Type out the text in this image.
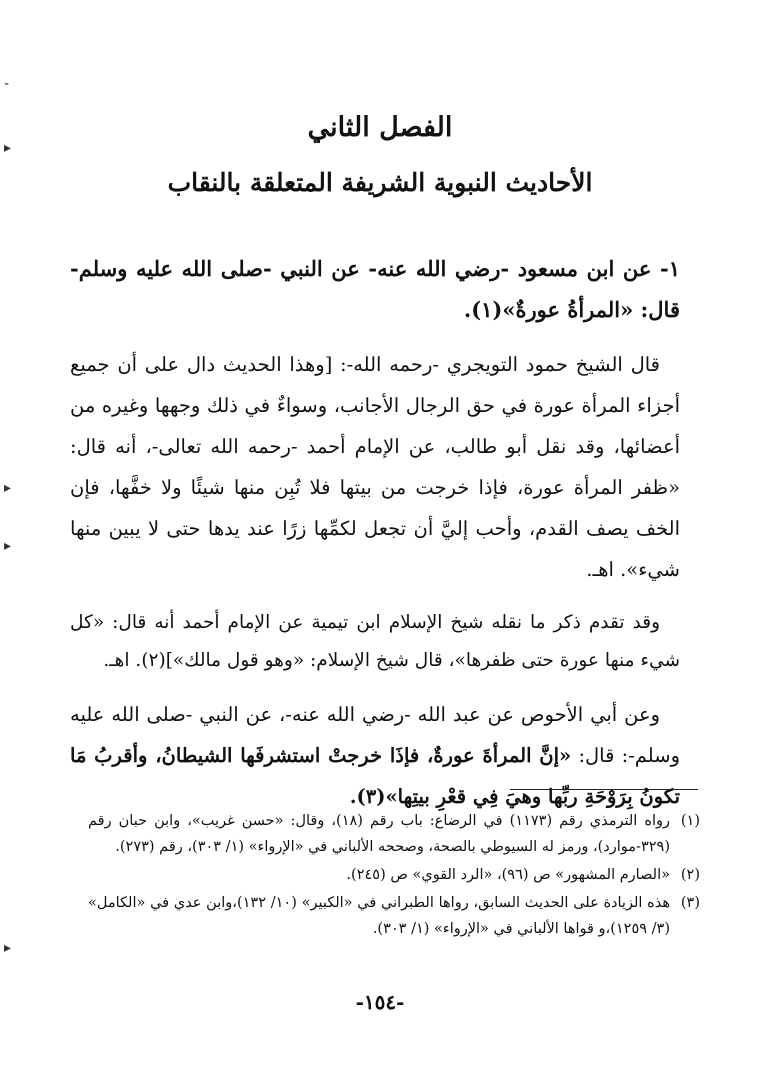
الفصل الثاني
الأحاديث النبوية الشريفة المتعلقة بالنقاب

١- عن ابن مسعود -رضي الله عنه- عن النبي -صلى الله عليه وسلم- قال: «المرأةُ عورةٌ»(١).

قال الشيخ حمود التويجري -رحمه الله-: [وهذا الحديث دال على أن جميع أجزاء المرأة عورة في حق الرجال الأجانب، وسواءٌ في ذلك وجهها وغيره من أعضائها، وقد نقل أبو طالب، عن الإمام أحمد -رحمه الله تعالى-، أنه قال: «ظفر المرأة عورة، فإذا خرجت من بيتها فلا تُبِن منها شيئًا ولا خفَّها، فإن الخف يصف القدم، وأحب إليَّ أن تجعل لكمِّها زرًا عند يدها حتى لا يبين منها شيء». اهـ.

وقد تقدم ذكر ما نقله شيخ الإسلام ابن تيمية عن الإمام أحمد أنه قال: «كل شيء منها عورة حتى ظفرها»، قال شيخ الإسلام: «وهو قول مالك»](٢). اهـ.

وعن أبي الأحوص عن عبد الله -رضي الله عنه-، عن النبي -صلى الله عليه وسلم-: قال: «إنَّ المرأةَ عورةٌ، فإذَا خرجتْ استشرفَها الشيطانُ، وأقربُ مَا تكونُ بِرَوْحَةِ ربِّها وهيَ فِي قعْرِ بيتِها»(٣).

(١)
رواه الترمذي رقم (١١٧٣) في الرضاع: باب رقم (١٨)، وقال: «حسن غريب»، وابن حبان رقم (٣٢٩-موارد)، ورمز له السيوطي بالصحة، وصححه الألباني في «الإرواء» (١/ ٣٠٣)، رقم (٢٧٣).
(٢)
«الصارم المشهور» ص (٩٦)، «الرد القوي» ص (٢٤٥).
(٣)
هذه الزيادة على الحديث السابق، رواها الطبراني في «الكبير» (١٠/ ١٣٢)،وابن عدي في «الكامل» (٣/ ١٢٥٩)،و قواها الألباني في «الإرواء» (١/ ٣٠٣).
-١٥٤-
-
▸
▸
▸
▸
